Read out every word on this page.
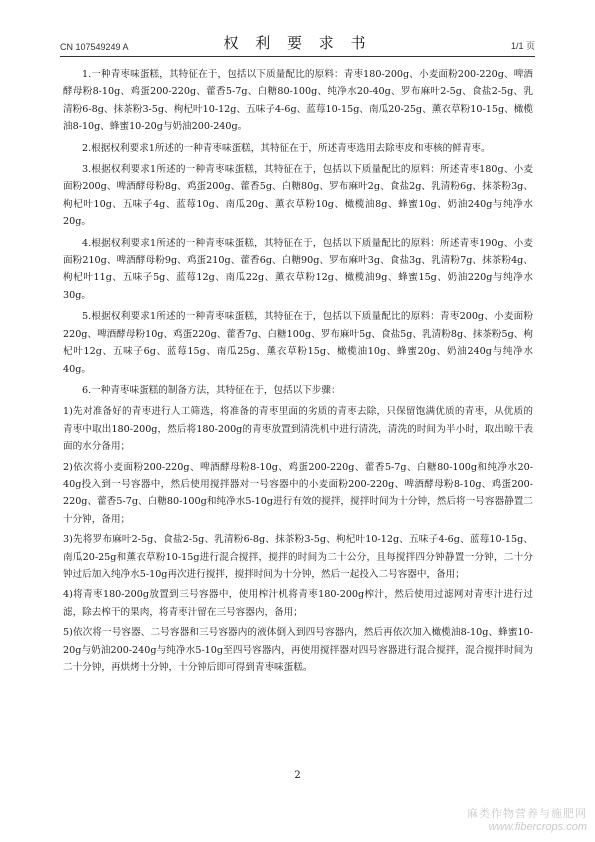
CN 107549249 A	权 利 要 求 书	1/1 页

1.一种青枣味蛋糕，其特征在于，包括以下质量配比的原料：青枣180-200g、小麦面粉200-220g、啤酒酵母粉8-10g、鸡蛋200-220g、藿香5-7g、白糖80-100g、纯净水20-40g、罗布麻叶2-5g、食盐2-5g、乳清粉6-8g、抹茶粉3-5g、枸杞叶10-12g、五味子4-6g、蓝莓10-15g、南瓜20-25g、薰衣草粉10-15g、橄榄油8-10g、蜂蜜10-20g与奶油200-240g。

2.根据权利要求1所述的一种青枣味蛋糕，其特征在于，所述青枣选用去除枣皮和枣核的鲜青枣。

3.根据权利要求1所述的一种青枣味蛋糕，其特征在于，包括以下质量配比的原料：所述青枣180g、小麦面粉200g、啤酒酵母粉8g、鸡蛋200g、藿香5g、白糖80g、罗布麻叶2g、食盐2g、乳清粉6g、抹茶粉3g、枸杞叶10g、五味子4g、蓝莓10g、南瓜20g、薰衣草粉10g、橄榄油8g、蜂蜜10g、奶油240g与纯净水20g。

4.根据权利要求1所述的一种青枣味蛋糕，其特征在于，包括以下质量配比的原料：所述青枣190g、小麦面粉210g、啤酒酵母粉9g、鸡蛋210g、藿香6g、白糖90g、罗布麻叶3g、食盐3g、乳清粉7g、抹茶粉4g、枸杞叶11g、五味子5g、蓝莓12g、南瓜22g、薰衣草粉12g、橄榄油9g、蜂蜜15g、奶油220g与纯净水30g。

5.根据权利要求1所述的一种青枣味蛋糕，其特征在于，包括以下质量配比的原料：青枣200g、小麦面粉220g、啤酒酵母粉10g、鸡蛋220g、藿香7g、白糖100g、罗布麻叶5g、食盐5g、乳清粉8g、抹茶粉5g、枸杞叶12g、五味子6g、蓝莓15g、南瓜25g、薰衣草粉15g、橄榄油10g、蜂蜜20g、奶油240g与纯净水40g。

6.一种青枣味蛋糕的制备方法，其特征在于，包括以下步骤：

1)先对准备好的青枣进行人工筛选，将准备的青枣里面的劣质的青枣去除，只保留饱满优质的青枣，从优质的青枣中取出180-200g，然后将180-200g的青枣放置到清洗机中进行清洗，清洗的时间为半小时，取出晾干表面的水分备用；

2)依次将小麦面粉200-220g、啤酒酵母粉8-10g、鸡蛋200-220g、藿香5-7g、白糖80-100g和纯净水20-40g投入到一号容器中，然后使用搅拌器对一号容器中的小麦面粉200-220g、啤酒酵母粉8-10g、鸡蛋200-220g、藿香5-7g、白糖80-100g和纯净水5-10g进行有效的搅拌，搅拌时间为十分钟，然后将一号容器静置二十分钟，备用；

3)先将罗布麻叶2-5g、食盐2-5g、乳清粉6-8g、抹茶粉3-5g、枸杞叶10-12g、五味子4-6g、蓝莓10-15g、南瓜20-25g和薰衣草粉10-15g进行混合搅拌，搅拌的时间为二十公分，且每搅拌四分钟静置一分钟，二十分钟过后加入纯净水5-10g再次进行搅拌，搅拌时间为十分钟，然后一起投入二号容器中，备用；

4)将青枣180-200g放置到三号容器中，使用榨汁机将青枣180-200g榨汁，然后使用过滤网对青枣汁进行过滤，除去榨干的果肉，将青枣汁留在三号容器内，备用；

5)依次将一号容器、二号容器和三号容器内的液体倒入到四号容器内，然后再依次加入橄榄油8-10g、蜂蜜10-20g与奶油200-240g与纯净水5-10g至四号容器内，再使用搅拌器对四号容器进行混合搅拌，混合搅拌时间为二十分钟，再烘烤十分钟，十分钟后即可得到青枣味蛋糕。

2
麻类作物营养与施肥网
www.fibercrops.com
